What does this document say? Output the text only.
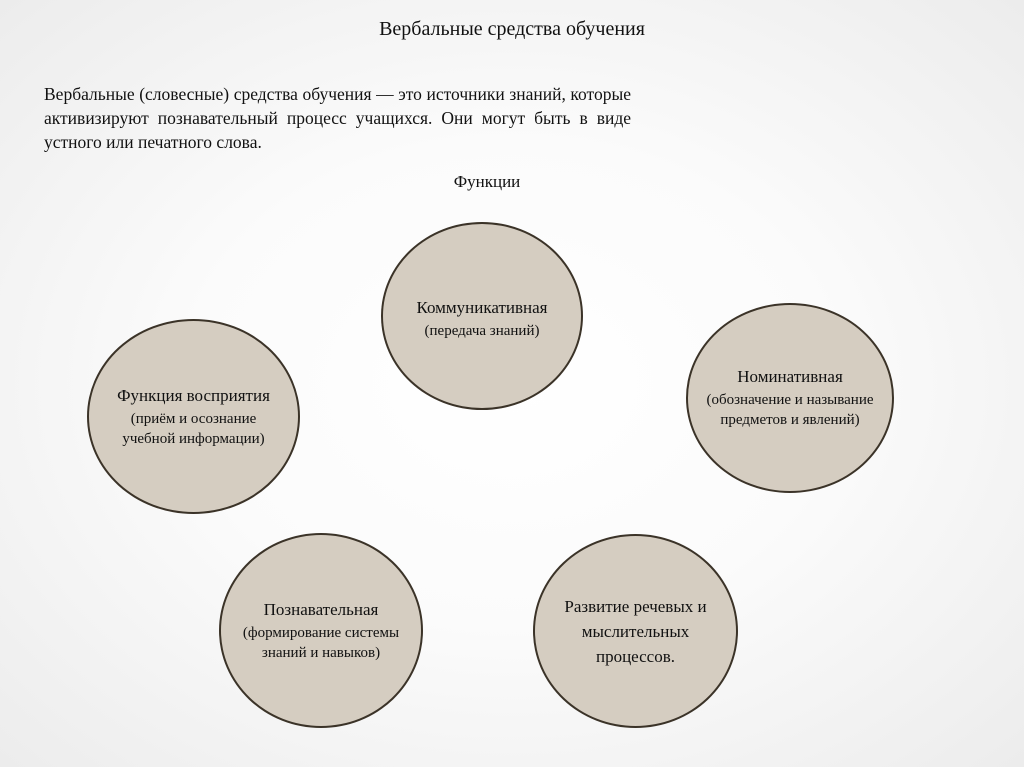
Вербальные средства обучения
Вербальные (словесные) средства обучения — это источники знаний, которые активизируют познавательный процесс учащихся. Они могут быть в виде устного или печатного слова.
Функции
Коммуникативная
(передача знаний)
Номинативная
(обозначение и называние
предметов и явлений)
Функция восприятия
(приём и осознание
учебной информации)
Познавательная
(формирование системы
знаний и навыков)
Развитие речевых и
мыслительных
процессов.
